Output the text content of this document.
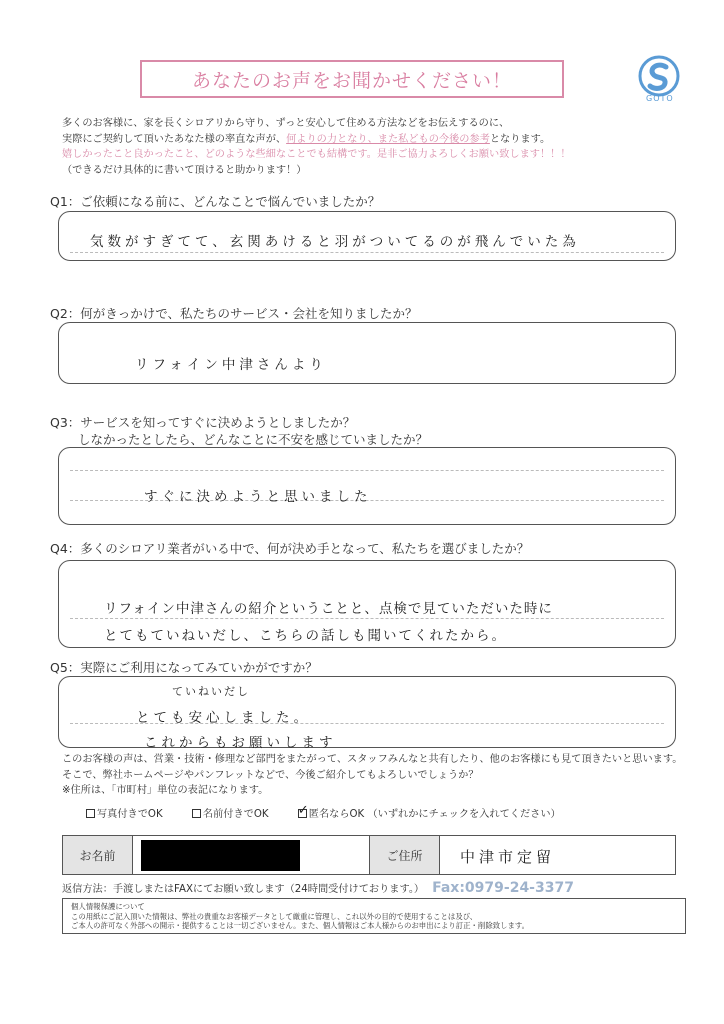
あなたのお声をお聞かせください！
GOTO
多くのお客様に、家を長くシロアリから守り、ずっと安心して住める方法などをお伝えするのに、
実際にご契約して頂いたあなた様の率直な声が、何よりの力となり、また私どもの今後の参考となります。
嬉しかったこと良かったこと、どのような些細なことでも結構です。是非ご協力よろしくお願い致します！！！
（できるだけ具体的に書いて頂けると助かります！）
Q1：ご依頼になる前に、どんなことで悩んでいましたか？
気数がすぎてて、玄関あけると羽がついてるのが飛んでいた為
Q2：何がきっかけで、私たちのサービス・会社を知りましたか？
リフォイン中津さんより
Q3：サービスを知ってすぐに決めようとしましたか？
しなかったとしたら、どんなことに不安を感じていましたか？
すぐに決めようと思いました
Q4：多くのシロアリ業者がいる中で、何が決め手となって、私たちを選びましたか？
リフォイン中津さんの紹介ということと、点検で見ていただいた時に
とてもていねいだし、こちらの話しも聞いてくれたから。
Q5：実際にご利用になってみていかがですか？
ていねいだし
とても安心しました。
これからもお願いします
このお客様の声は、営業・技術・修理など部門をまたがって、スタッフみんなと共有したり、他のお客様にも見て頂きたいと思います。
そこで、弊社ホームページやパンフレットなどで、今後ご紹介してもよろしいでしょうか？
※住所は、「市町村」単位の表記になります。
写真付きでOK	名前付きでOK ✓	匿名ならOK （いずれかにチェックを入れてください）
お名前	ご住所	中津市定留
返信方法：手渡しまたはFAXにてお願い致します（24時間受付けております。） Fax:0979-24-3377
個人情報保護について
この用紙にご記入頂いた情報は、弊社の貴重なお客様データとして厳重に管理し、これ以外の目的で使用することは及び、
ご本人の許可なく外部への開示・提供することは一切ございません。また、個人情報はご本人様からのお申出により訂正・削除致します。
